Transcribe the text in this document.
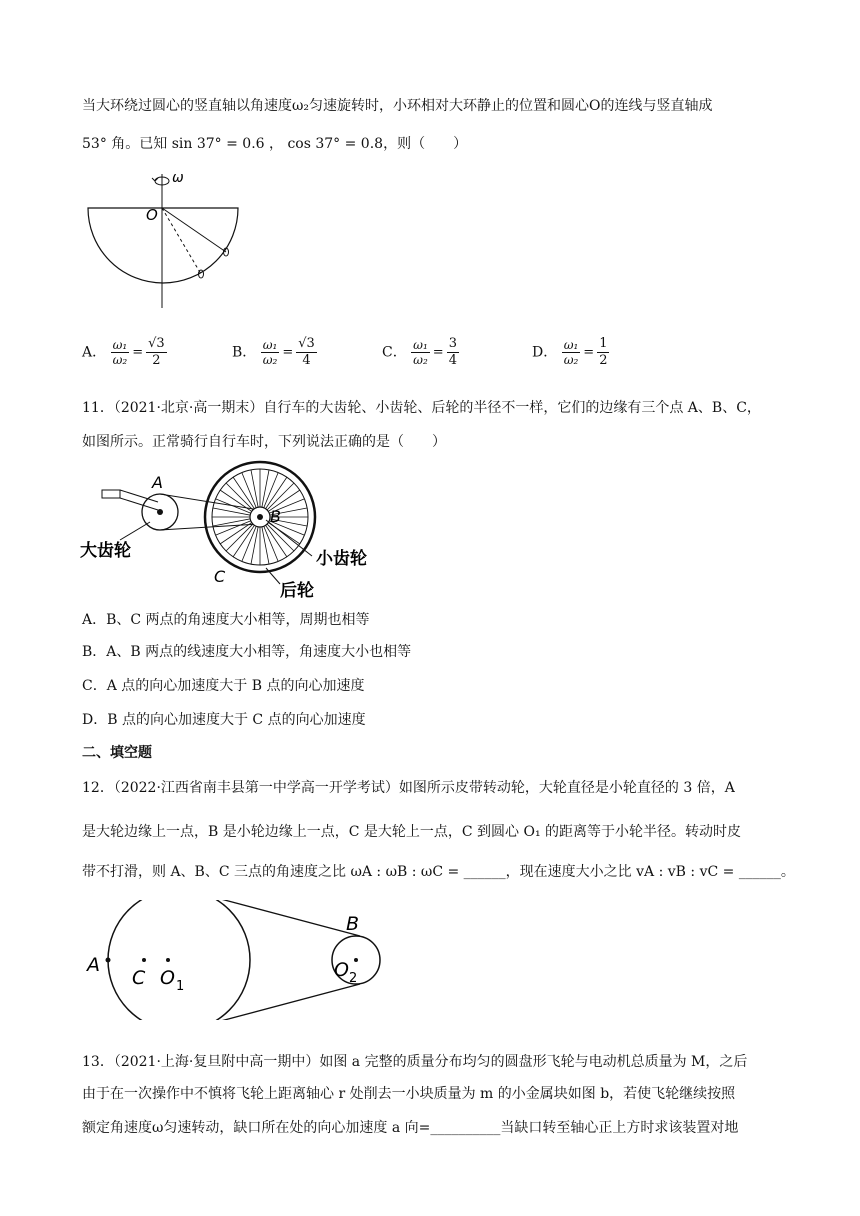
当大环绕过圆心的竖直轴以角速度ω₂匀速旋转时，小环相对大环静止的位置和圆心O的连线与竖直轴成
53° 角。已知 sin 37° = 0.6 ， cos 37° = 0.8，则（　　）
ω
O
A． $\frac{\text{ω₁}}{\text{ω₂}} = \frac{√3}{2}$	B． $\frac{\text{ω₁}}{\text{ω₂}} = \frac{√3}{4}$	C． $\frac{\text{ω₁}}{\text{ω₂}} = \frac{3}{4}$	D． $\frac{\text{ω₁}}{\text{ω₂}} = \frac{1}{2}$
11．（2021·北京·高一期末）自行车的大齿轮、小齿轮、后轮的半径不一样，它们的边缘有三个点 A、B、C，
如图所示。正常骑行自行车时，下列说法正确的是（　　）
A
B
C
大齿轮	小齿轮
后轮
A．B、C 两点的角速度大小相等，周期也相等
B．A、B 两点的线速度大小相等，角速度大小也相等
C．A 点的向心加速度大于 B 点的向心加速度
D．B 点的向心加速度大于 C 点的向心加速度
二、填空题
12．（2022·江西省南丰县第一中学高一开学考试）如图所示皮带转动轮，大轮直径是小轮直径的 3 倍，A
是大轮边缘上一点，B 是小轮边缘上一点，C 是大轮上一点，C 到圆心 O₁ 的距离等于小轮半径。转动时皮
带不打滑，则 A、B、C 三点的角速度之比 ωA : ωB : ωC = ______，现在速度大小之比 vA : vB : vC = ______。
A
B
C O 1
O 2
13．（2021·上海·复旦附中高一期中）如图 a 完整的质量分布均匀的圆盘形飞轮与电动机总质量为 M，之后
由于在一次操作中不慎将飞轮上距离轴心 r 处削去一小块质量为 m 的小金属块如图 b，若使飞轮继续按照
额定角速度ω匀速转动，缺口所在处的向心加速度 a 向=__________当缺口转至轴心正上方时求该装置对地
